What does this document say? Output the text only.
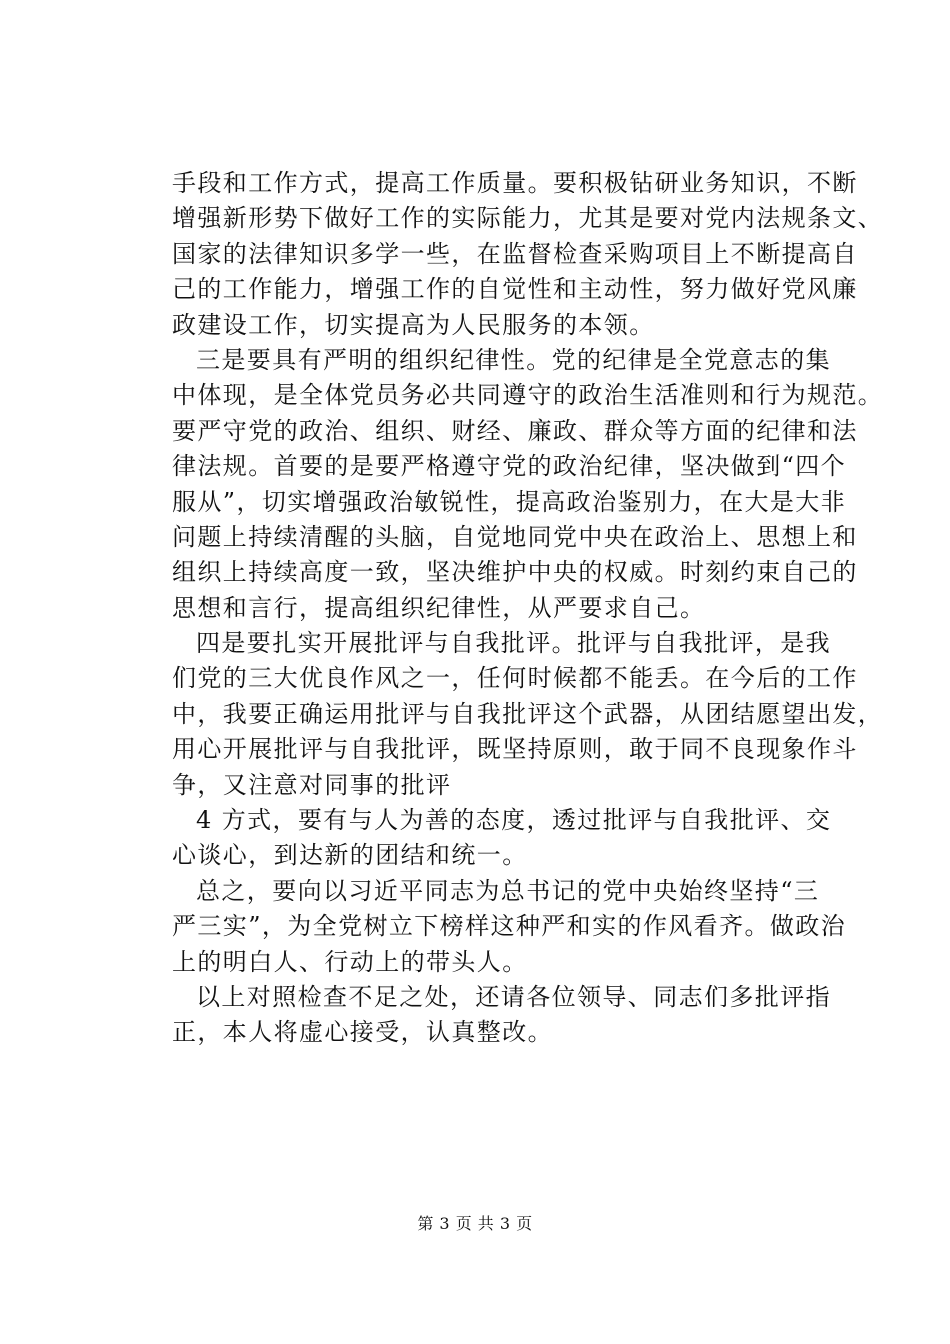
手段和工作方式，提高工作质量。要积极钻研业务知识，不断
增强新形势下做好工作的实际能力，尤其是要对党内法规条文、
国家的法律知识多学一些，在监督检查采购项目上不断提高自
己的工作能力，增强工作的自觉性和主动性，努力做好党风廉
政建设工作，切实提高为人民服务的本领。
三是要具有严明的组织纪律性。党的纪律是全党意志的集
中体现，是全体党员务必共同遵守的政治生活准则和行为规范。
要严守党的政治、组织、财经、廉政、群众等方面的纪律和法
律法规。首要的是要严格遵守党的政治纪律，坚决做到“四个
服从”，切实增强政治敏锐性，提高政治鉴别力，在大是大非
问题上持续清醒的头脑，自觉地同党中央在政治上、思想上和
组织上持续高度一致，坚决维护中央的权威。时刻约束自己的
思想和言行，提高组织纪律性，从严要求自己。
四是要扎实开展批评与自我批评。批评与自我批评，是我
们党的三大优良作风之一，任何时候都不能丢。在今后的工作
中，我要正确运用批评与自我批评这个武器，从团结愿望出发，
用心开展批评与自我批评，既坚持原则，敢于同不良现象作斗
争，又注意对同事的批评
4 方式，要有与人为善的态度，透过批评与自我批评、交
心谈心，到达新的团结和统一。
总之，要向以习近平同志为总书记的党中央始终坚持“三
严三实”，为全党树立下榜样这种严和实的作风看齐。做政治
上的明白人、行动上的带头人。
以上对照检查不足之处，还请各位领导、同志们多批评指
正，本人将虚心接受，认真整改。
第 3 页 共 3 页
